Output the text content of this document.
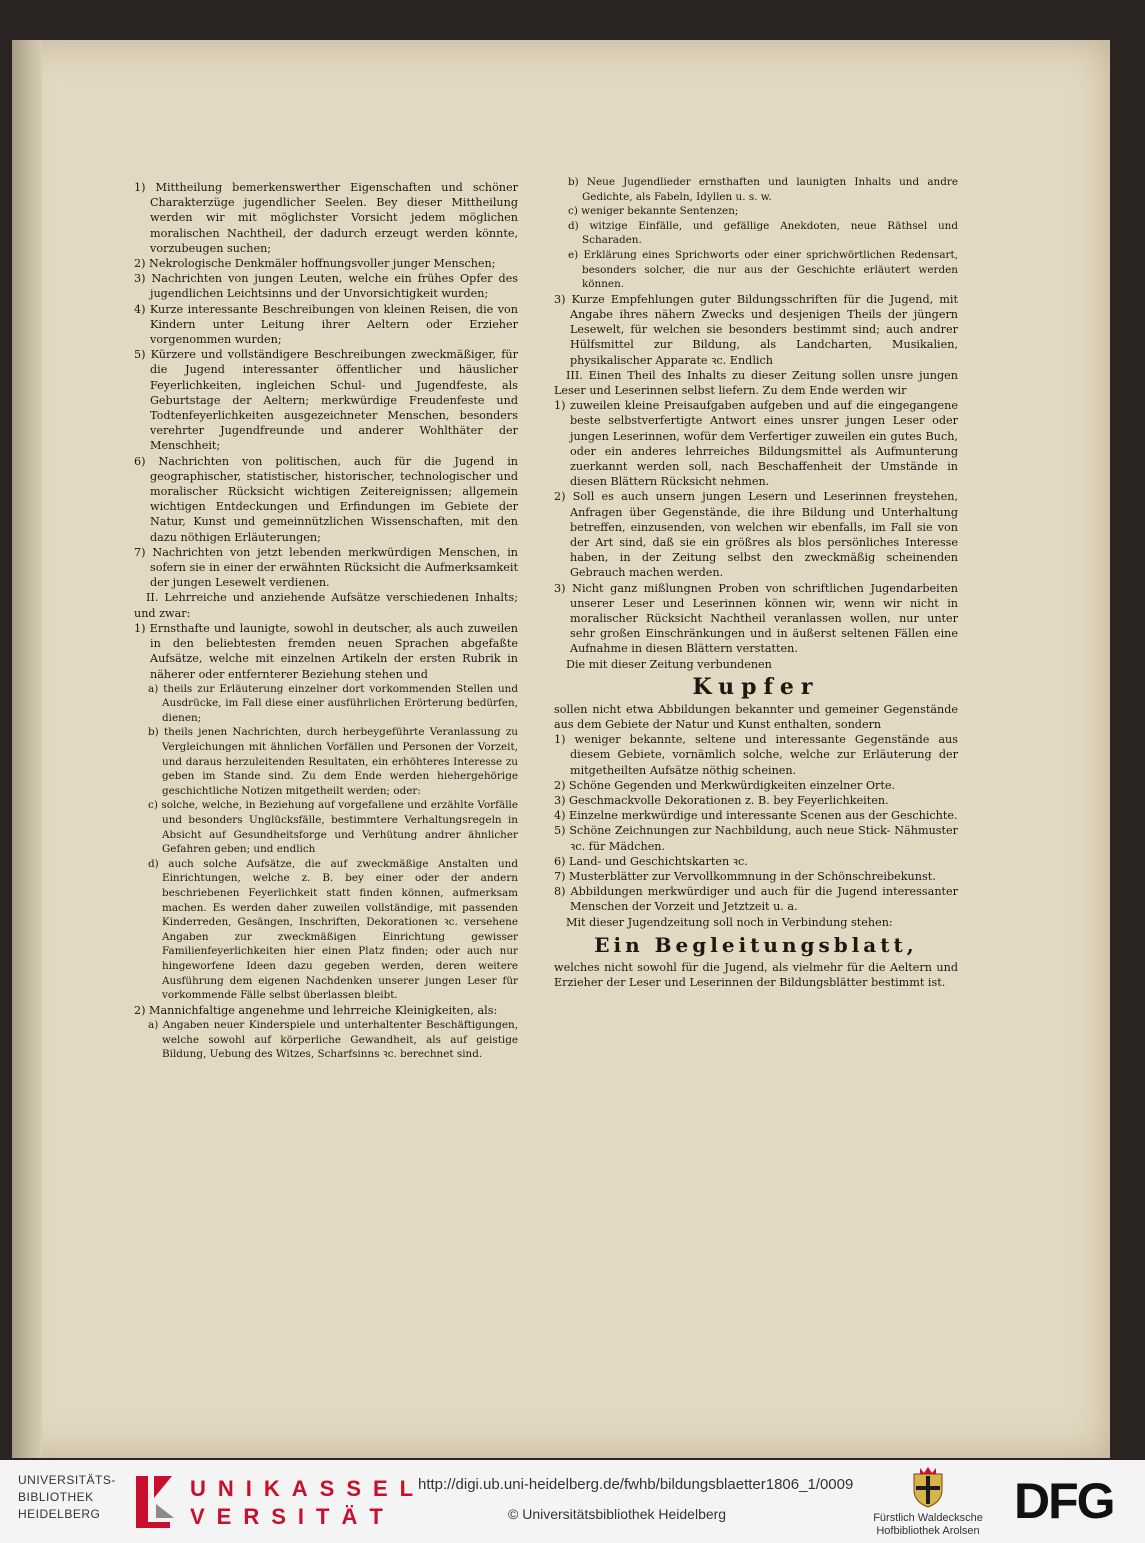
1) Mittheilung bemerkenswerther Eigenschaften und schöner Charakterzüge jugendlicher Seelen. Bey dieser Mittheilung werden wir mit möglichster Vorsicht jedem möglichen moralischen Nachtheil, der dadurch erzeugt werden könnte, vorzubeugen suchen;

2) Nekrologische Denkmäler hoffnungsvoller junger Menschen;

3) Nachrichten von jungen Leuten, welche ein frühes Opfer des jugendlichen Leichtsinns und der Unvorsichtigkeit wurden;

4) Kurze interessante Beschreibungen von kleinen Reisen, die von Kindern unter Leitung ihrer Aeltern oder Erzieher vorgenommen wurden;

5) Kürzere und vollständigere Beschreibungen zweckmäßiger, für die Jugend interessanter öffentlicher und häuslicher Feyerlichkeiten, ingleichen Schul- und Jugendfeste, als Geburtstage der Aeltern; merkwürdige Freudenfeste und Todtenfeyerlichkeiten ausgezeichneter Menschen, besonders verehrter Jugendfreunde und anderer Wohlthäter der Menschheit;

6) Nachrichten von politischen, auch für die Jugend in geographischer, statistischer, historischer, technologischer und moralischer Rücksicht wichtigen Zeitereignissen; allgemein wichtigen Entdeckungen und Erfindungen im Gebiete der Natur, Kunst und gemeinnützlichen Wissenschaften, mit den dazu nöthigen Erläuterungen;

7) Nachrichten von jetzt lebenden merkwürdigen Menschen, in sofern sie in einer der erwähnten Rücksicht die Aufmerksamkeit der jungen Lesewelt verdienen.

II. Lehrreiche und anziehende Aufsätze verschiedenen Inhalts; und zwar:

1) Ernsthafte und launigte, sowohl in deutscher, als auch zuweilen in den beliebtesten fremden neuen Sprachen abgefaßte Aufsätze, welche mit einzelnen Artikeln der ersten Rubrik in näherer oder entfernterer Beziehung stehen und

a) theils zur Erläuterung einzelner dort vorkommenden Stellen und Ausdrücke, im Fall diese einer ausführlichen Erörterung bedürfen, dienen;

b) theils jenen Nachrichten, durch herbeygeführte Veranlassung zu Vergleichungen mit ähnlichen Vorfällen und Personen der Vorzeit, und daraus herzuleitenden Resultaten, ein erhöhteres Interesse zu geben im Stande sind. Zu dem Ende werden hiehergehörige geschichtliche Notizen mitgetheilt werden; oder:

c) solche, welche, in Beziehung auf vorgefallene und erzählte Vorfälle und besonders Unglücksfälle, bestimmtere Verhaltungsregeln in Absicht auf Gesundheitsforge und Verhütung andrer ähnlicher Gefahren geben; und endlich

d) auch solche Aufsätze, die auf zweckmäßige Anstalten und Einrichtungen, welche z. B. bey einer oder der andern beschriebenen Feyerlichkeit statt finden können, aufmerksam machen. Es werden daher zuweilen vollständige, mit passenden Kinderreden, Gesängen, Inschriften, Dekorationen ꝛc. versehene Angaben zur zweckmäßigen Einrichtung gewisser Familienfeyerlichkeiten hier einen Platz finden; oder auch nur hingeworfene Ideen dazu gegeben werden, deren weitere Ausführung dem eigenen Nachdenken unserer jungen Leser für vorkommende Fälle selbst überlassen bleibt.

2) Mannichfaltige angenehme und lehrreiche Kleinigkeiten, als:

a) Angaben neuer Kinderspiele und unterhaltenter Beschäftigungen, welche sowohl auf körperliche Gewandheit, als auf geistige Bildung, Uebung des Witzes, Scharfsinns ꝛc. berechnet sind.

b) Neue Jugendlieder ernsthaften und launigten Inhalts und andre Gedichte, als Fabeln, Idyllen u. s. w.

c) weniger bekannte Sentenzen;

d) witzige Einfälle, und gefällige Anekdoten, neue Räthsel und Scharaden.

e) Erklärung eines Sprichworts oder einer sprichwörtlichen Redensart, besonders solcher, die nur aus der Geschichte erläutert werden können.

3) Kurze Empfehlungen guter Bildungsschriften für die Jugend, mit Angabe ihres nähern Zwecks und desjenigen Theils der jüngern Lesewelt, für welchen sie besonders bestimmt sind; auch andrer Hülfsmittel zur Bildung, als Landcharten, Musikalien, physikalischer Apparate ꝛc. Endlich

III. Einen Theil des Inhalts zu dieser Zeitung sollen unsre jungen Leser und Leserinnen selbst liefern. Zu dem Ende werden wir

1) zuweilen kleine Preisaufgaben aufgeben und auf die eingegangene beste selbstverfertigte Antwort eines unsrer jungen Leser oder jungen Leserinnen, wofür dem Verfertiger zuweilen ein gutes Buch, oder ein anderes lehrreiches Bildungsmittel als Aufmunterung zuerkannt werden soll, nach Beschaffenheit der Umstände in diesen Blättern Rücksicht nehmen.

2) Soll es auch unsern jungen Lesern und Leserinnen freystehen, Anfragen über Gegenstände, die ihre Bildung und Unterhaltung betreffen, einzusenden, von welchen wir ebenfalls, im Fall sie von der Art sind, daß sie ein größres als blos persönliches Interesse haben, in der Zeitung selbst den zweckmäßig scheinenden Gebrauch machen werden.

3) Nicht ganz mißlungnen Proben von schriftlichen Jugendarbeiten unserer Leser und Leserinnen können wir, wenn wir nicht in moralischer Rücksicht Nachtheil veranlassen wollen, nur unter sehr großen Einschränkungen und in äußerst seltenen Fällen eine Aufnahme in diesen Blättern verstatten.

Die mit dieser Zeitung verbundenen

Kupfer

sollen nicht etwa Abbildungen bekannter und gemeiner Gegenstände aus dem Gebiete der Natur und Kunst enthalten, sondern

1) weniger bekannte, seltene und interessante Gegenstände aus diesem Gebiete, vornämlich solche, welche zur Erläuterung der mitgetheilten Aufsätze nöthig scheinen.

2) Schöne Gegenden und Merkwürdigkeiten einzelner Orte.

3) Geschmackvolle Dekorationen z. B. bey Feyerlichkeiten.

4) Einzelne merkwürdige und interessante Scenen aus der Geschichte.

5) Schöne Zeichnungen zur Nachbildung, auch neue Stick- Nähmuster ꝛc. für Mädchen.

6) Land- und Geschichtskarten ꝛc.

7) Musterblätter zur Vervollkommnung in der Schönschreibekunst.

8) Abbildungen merkwürdiger und auch für die Jugend interessanter Menschen der Vorzeit und Jetztzeit u. a.

Mit dieser Jugendzeitung soll noch in Verbindung stehen:

Ein Begleitungsblatt,

welches nicht sowohl für die Jugend, als vielmehr für die Aeltern und Erzieher der Leser und Leserinnen der Bildungsblätter bestimmt ist.

UNIVERSITÄTS-
BIBLIOTHEK
HEIDELBERG
UNIKASSEL
VERSITÄT
http://digi.ub.uni-heidelberg.de/fwhb/bildungsblaetter1806_1/0009
© Universitätsbibliothek Heidelberg	Fürstlich Waldecksche
Hofbibliothek Arolsen
DFG
